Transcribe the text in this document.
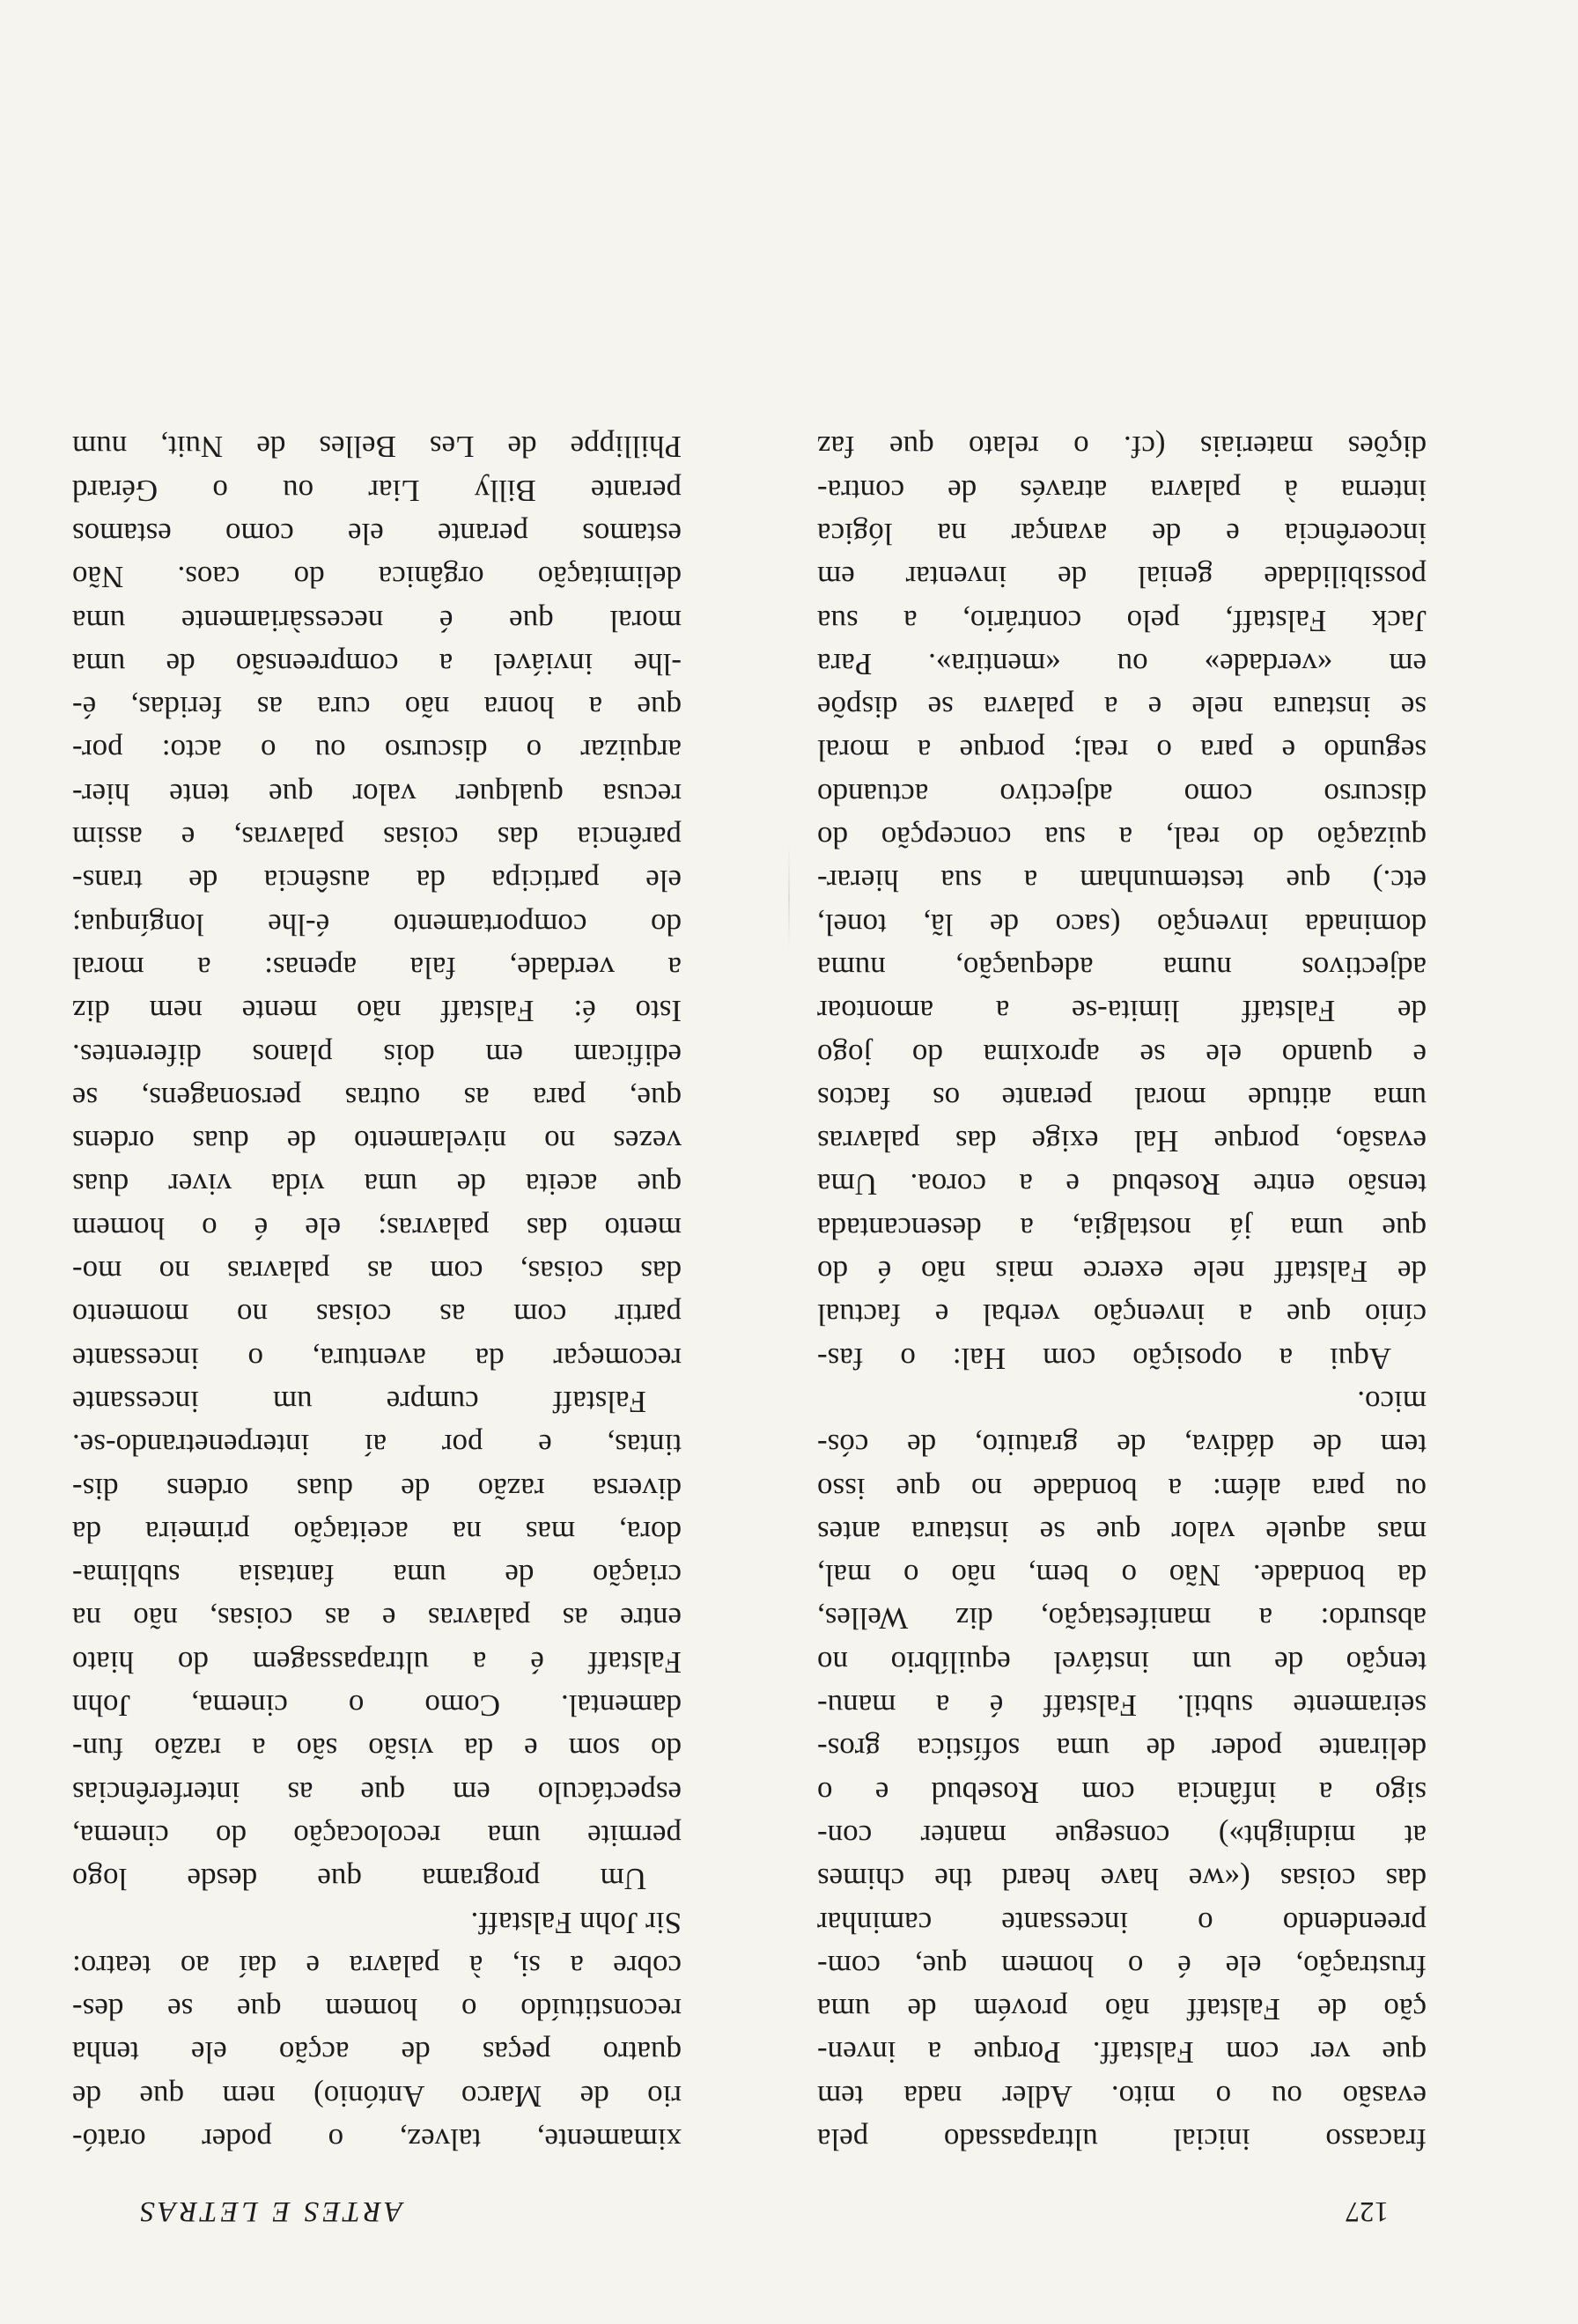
ARTES E LETRAS	127
ximamente, talvez, o poder orató-
rio de Marco António) nem que de
quatro peças de acção ele tenha
reconstituído o homem que se des-
cobre a si, à palavra e daí ao teatro:
Sir John Falstaff.
Um programa que desde logo
permite uma recolocação do cinema,
espectáculo em que as interferências
do som e da visão são a razão fun-
damental. Como o cinema, John
Falstaff é a ultrapassagem do hiato
entre as palavras e as coisas, não na
criação de uma fantasia sublima-
dora, mas na aceitação primeira da
diversa razão de duas ordens dis-
tintas, e por aí interpenetrando-se.
Falstaff cumpre um incessante
recomeçar da aventura, o incessante
partir com as coisas no momento
das coisas, com as palavras no mo-
mento das palavras; ele é o homem
que aceita de uma vida viver duas
vezes no nivelamento de duas ordens
que, para as outras personagens, se
edificam em dois planos diferentes.
Isto é: Falstaff não mente nem diz
a verdade, fala apenas: a moral
do comportamento é-lhe longínqua;
ele participa da ausência de trans-
parência das coisas palavras, e assim
recusa qualquer valor que tente hier-
arquizar o discurso ou o acto: por-
que a honra não cura as feridas, é-
-lhe inviável a compreensão de uma
moral que é necessàriamente uma
delimitação orgânica do caos. Não
estamos perante ele como estamos
perante Billy Liar ou o Gérard
Phillippe de Les Belles de Nuit, num
fracasso inicial ultrapassado pela
evasão ou o mito. Adler nada tem
que ver com Falstaff. Porque a inven-
ção de Falstaff não provém de uma
frustração, ele é o homem que, com-
preendendo o incessante caminhar
das coisas («we have heard the chimes
at midnight») consegue manter con-
sigo a infância com Rosebud e o
delirante poder de uma sofística gros-
seiramente subtil. Falstaff é a manu-
tenção de um instável equilíbrio no
absurdo: a manifestação, diz Welles,
da bondade. Não o bem, não o mal,
mas aquele valor que se instaura antes
ou para além: a bondade no que isso
tem de dádiva, de gratuito, de cós-
mico.
Aqui a oposição com Hal: o fas-
cínio que a invenção verbal e factual
de Falstaff nele exerce mais não é do
que uma já nostalgia, a desencantada
tensão entre Rosebud e a coroa. Uma
evasão, porque Hal exige das palavras
uma atitude moral perante os factos
e quando ele se aproxima do jogo
de Falstaff limita-se a amontoar
adjectivos numa adequação, numa
dominada invenção (saco de lã, tonel,
etc.) que testemunham a sua hierar-
quização do real, a sua concepção do
discurso como adjectivo actuando
segundo e para o real; porque a moral
se instaura nele e a palavra se dispõe
em «verdade» ou «mentira». Para
Jack Falstaff, pelo contrário, a sua
possibilidade genial de inventar em
incoerência e de avançar na lógica
interna à palavra através de contra-
dições materiais (cf. o relato que faz
